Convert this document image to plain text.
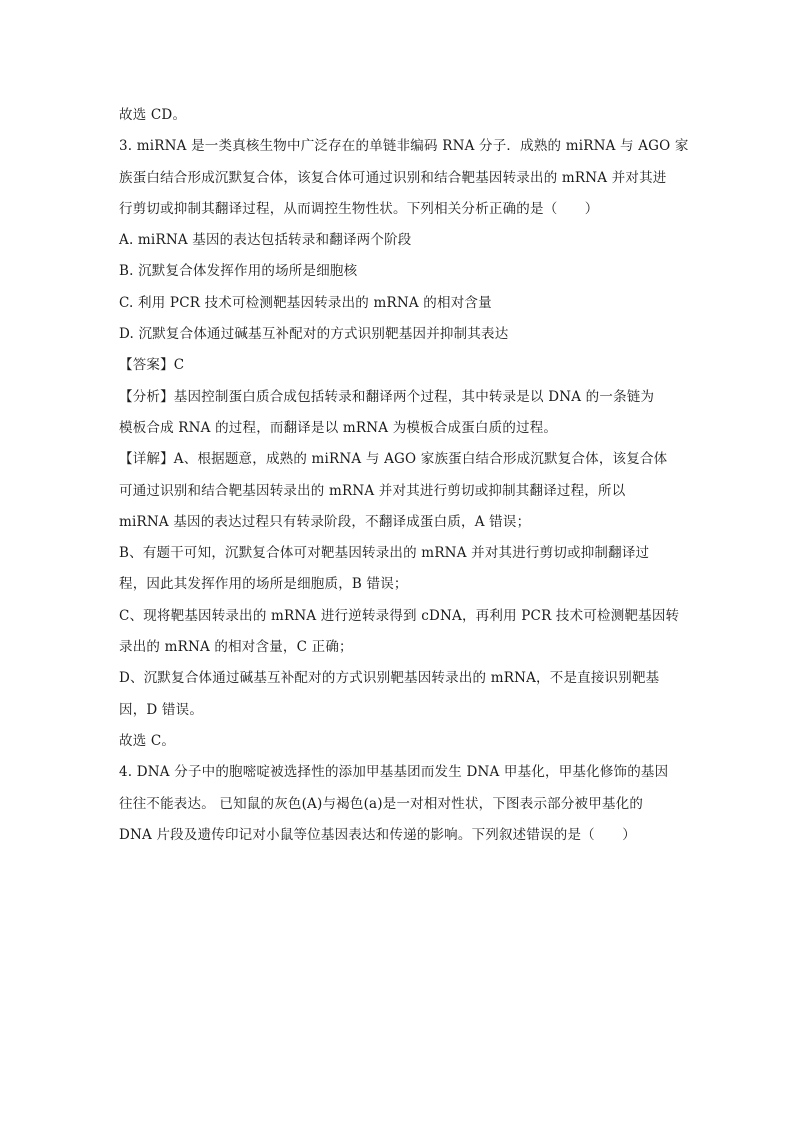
故选 CD。
3. miRNA 是一类真核生物中广泛存在的单链非编码 RNA 分子．成熟的 miRNA 与 AGO 家
族蛋白结合形成沉默复合体，该复合体可通过识别和结合靶基因转录出的 mRNA 并对其进
行剪切或抑制其翻译过程，从而调控生物性状。下列相关分析正确的是（　　）
A. miRNA 基因的表达包括转录和翻译两个阶段
B. 沉默复合体发挥作用的场所是细胞核
C. 利用 PCR 技术可检测靶基因转录出的 mRNA 的相对含量
D. 沉默复合体通过碱基互补配对的方式识别靶基因并抑制其表达
【答案】C
【分析】基因控制蛋白质合成包括转录和翻译两个过程，其中转录是以 DNA 的一条链为
模板合成 RNA 的过程，而翻译是以 mRNA 为模板合成蛋白质的过程。
【详解】A、根据题意，成熟的 miRNA 与 AGO 家族蛋白结合形成沉默复合体，该复合体
可通过识别和结合靶基因转录出的 mRNA 并对其进行剪切或抑制其翻译过程，所以
miRNA 基因的表达过程只有转录阶段，不翻译成蛋白质，A 错误；
B、有题干可知，沉默复合体可对靶基因转录出的 mRNA 并对其进行剪切或抑制翻译过
程，因此其发挥作用的场所是细胞质，B 错误；
C、现将靶基因转录出的 mRNA 进行逆转录得到 cDNA，再利用 PCR 技术可检测靶基因转
录出的 mRNA 的相对含量，C 正确；
D、沉默复合体通过碱基互补配对的方式识别靶基因转录出的 mRNA，不是直接识别靶基
因，D 错误。
故选 C。
4. DNA 分子中的胞嘧啶被选择性的添加甲基基团而发生 DNA 甲基化，甲基化修饰的基因
往往不能表达。 已知鼠的灰色(A)与褐色(a)是一对相对性状，下图表示部分被甲基化的
DNA 片段及遗传印记对小鼠等位基因表达和传递的影响。下列叙述错误的是（　　）
